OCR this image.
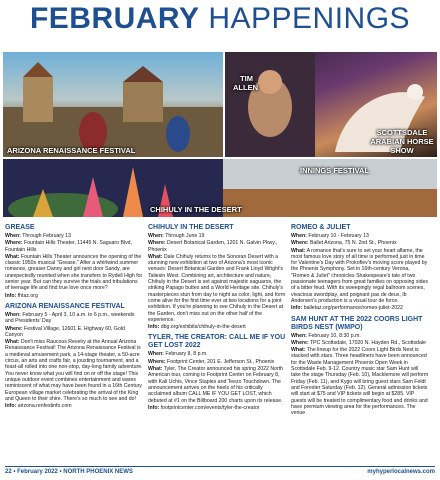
FEBRUARY HAPPENINGS
ARIZONA RENAISSANCE FESTIVAL
TIM ALLEN
SCOTTSDALE ARABIAN HORSE SHOW
INNINGS FESTIVAL
CHIHULY IN THE DESERT
GREASE

When: Through February 13

Where: Fountain Hills Theater, 11445 N. Saguaro Blvd, Fountain Hills

What: Fountain Hills Theater announces the opening of the classic 1950s musical "Grease." After a whirlwind summer romance, greaser Danny and girl next door Sandy, are unexpectedly reunited when she transfers to Rydell High for senior year. But can they survive the trials and tribulations of teenage life and find true love once more?

Info: fhtaz.org

ARIZONA RENAISSANCE FESTIVAL

When: February 5 - April 3, 10 a.m. to 6 p.m., weekends and Presidents' Day

Where: Festival Village, 12601 E. Highway 60, Gold Canyon

What: Don't miss Raucous Revelry at the Annual Arizona Renaissance Festival! The Arizona Renaissance Festival is a medieval amusement park, a 14-stage theater, a 50-acre circus, an arts and crafts fair, a jousting tournament, and a feast-all rolled into one non-stop, day-long family adventure. You never know what you will find on or off the stage! This unique outdoor event combines entertainment and wares reminiscent of what may have been found in a 16th Century European village market celebrating the arrival of the King and Queen to their shire. There's so much to see and do!

Info: arizona.renfestinfo.com

CHIHULY IN THE DESERT

When: Through June 19

Where: Desert Botanical Garden, 1201 N. Galvin Pkwy., Phoenix

What: Dale Chihuly returns to the Sonoran Desert with a stunning new exhibition at two of Arizona's most iconic venues: Desert Botanical Garden and Frank Lloyd Wright's Taliesin West. Combining art, architecture and nature, Chihuly in the Desert is set against majestic saguaros, the striking Papago buttes and a World Heritage site. Chihuly's masterpieces stun from day to night as color, light, and form come alive for the first time ever at two locations for a joint exhibition. If you're planning to see Chihuly in the Desert at the Garden, don't miss out on the other half of the experience.

Info: dbg.org/exhibits/chihuly-in-the-desert

TYLER, THE CREATOR: CALL ME IF YOU GET LOST 2022

When: February 8, 8 p.m.

Where: Footprint Center, 201 E. Jefferson St., Phoenix

What: Tyler, The Creator announced his spring 2022 North American tour, coming to Footprint Center on February 8, with Kali Uchis, Vince Staples and Teezo Touchdown. The announcement arrives on the heels of his critically acclaimed album CALL ME IF YOU GET LOST, which debuted at #1 on the Billboard 200 charts upon its release.

Info: footprintcenter.com/events/tyler-the-creator

ROMEO & JULIET

When: February 10 - February 13

Where: Ballet Arizona, 75 N. 2nd St., Phoenix

What: A romance that's sure to set your heart aflame, the most famous love story of all time is performed just in time for Valentine's Day with Prokofiev's moving score played by the Phoenix Symphony. Set in 16th-century Verona, "Romeo & Juliet" chronicles Shakespeare's tale of two passionate teenagers from great families on opposing sides of a bitter feud. With its sweepingly regal ballroom scenes, vivacious swordplay, and poignant pas de deux, Ib Andersen's production is a visual tour de force.

Info: balletaz.org/performance/romeo-juliet-2022

SAM HUNT AT THE 2022 COORS LIGHT BIRDS NEST (WMPO)

When: February 10, 8:30 p.m.

Where: TPC Scottsdale, 17020 N. Hayden Rd., Scottsdale

What: The lineup for the 2022 Coors Light Birds Nest is stacked with stars. Three headliners have been announced for the Waste Management Phoenix Open Week in Scottsdale Feb. 9-12. Country music star Sam Hunt will take the stage Thursday (Feb. 10), Macklemore will perform Friday (Feb. 11), and Kygo will bring guest stars Sam Feldt and Forester Saturday (Feb. 12). General admission tickets will start at $75 and VIP tickets will begin at $285. VIP guests will be treated to complimentary food and drinks and have premium viewing area for the performances. The venue

22 • February 2022 • NORTH PHOENIX NEWS	myhyperlocalnews.com
